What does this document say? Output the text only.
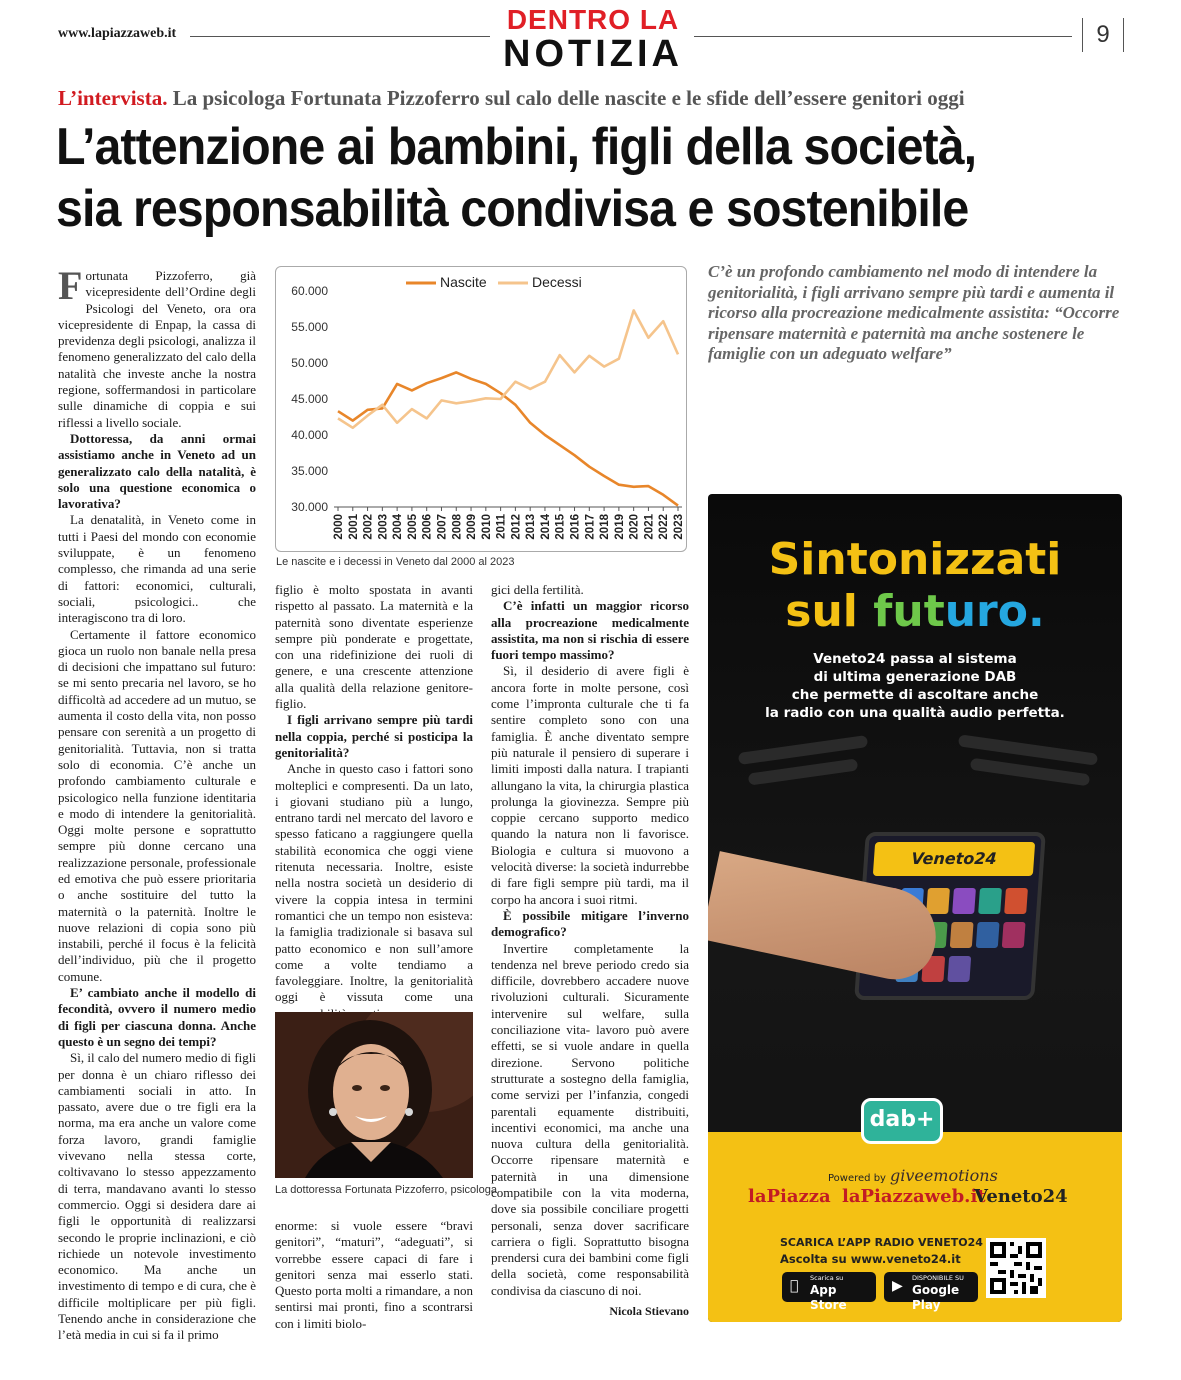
www.lapiazzaweb.it	DENTRO LA
NOTIZIA	9
L’intervista. La psicologa Fortunata Pizzoferro sul calo delle nascite e le sfide dell’essere genitori oggi
L’attenzione ai bambini, figli della società,
sia responsabilità condivisa e sostenibile
F ortunata Pizzoferro, già vicepresidente dell’Ordine degli Psicologi del Veneto, ora ora vicepresidente di Enpap, la cassa di previdenza degli psicologi, analizza il fenomeno generalizzato del calo della natalità che investe anche la nostra regione, soffermandosi in particolare sulle dinamiche di coppia e sui riflessi a livello sociale.

Dottoressa, da anni ormai assistiamo anche in Veneto ad un generalizzato calo della natalità, è solo una questione economica o lavorativa?

La denatalità, in Veneto come in tutti i Paesi del mondo con economie sviluppate, è un fenomeno complesso, che rimanda ad una serie di fattori: economici, culturali, sociali, psicologici.. che interagiscono tra di loro.

Certamente il fattore economico gioca un ruolo non banale nella presa di decisioni che impattano sul futuro: se mi sento precaria nel lavoro, se ho difficoltà ad accedere ad un mutuo, se aumenta il costo della vita, non posso pensare con serenità a un progetto di genitorialità. Tuttavia, non si tratta solo di economia. C’è anche un profondo cambiamento culturale e psicologico nella funzione identitaria e modo di intendere la genitorialità. Oggi molte persone e soprattutto sempre più donne cercano una realizzazione personale, professionale ed emotiva che può essere prioritaria o anche sostituire del tutto la maternità o la paternità. Inoltre le nuove relazioni di copia sono più instabili, perché il focus è la felicità dell’individuo, più che il progetto comune.

E’ cambiato anche il modello di fecondità, ovvero il numero medio di figli per ciascuna donna. Anche questo è un segno dei tempi?

Sì, il calo del numero medio di figli per donna è un chiaro riflesso dei cambiamenti sociali in atto. In passato, avere due o tre figli era la norma, ma era anche un valore come forza lavoro, grandi famiglie vivevano nella stessa corte, coltivavano lo stesso appezzamento di terra, mandavano avanti lo stesso commercio. Oggi si desidera dare ai figli le opportunità di realizzarsi secondo le proprie inclinazioni, e ciò richiede un notevole investimento economico. Ma anche un investimento di tempo e di cura, che è difficile moltiplicare per più figli. Tenendo anche in considerazione che l’età media in cui si fa il primo

30.000
35.000
40.000
45.000
50.000
55.000
60.000
2000 2001 2002 2003 2004 2005 2006 2007 2008 2009 2010 2011 2012 2013 2014 2015 2016 2017 2018 2019 2020 2021 2022 2023
Nascite	Decessi
Le nascite e i decessi in Veneto dal 2000 al 2023

figlio è molto spostata in avanti rispetto al passato. La maternità e la paternità sono diventate esperienze sempre più ponderate e progettate, con una ridefinizione dei ruoli di genere, e una crescente attenzione alla qualità della relazione genitore-figlio.

I figli arrivano sempre più tardi nella coppia, perché si posticipa la genitorialità?

Anche in questo caso i fattori sono molteplici e compresenti. Da un lato, i giovani studiano più a lungo, entrano tardi nel mercato del lavoro e spesso faticano a raggiungere quella stabilità economica che oggi viene ritenuta necessaria. Inoltre, esiste nella nostra società un desiderio di vivere la coppia intesa in termini romantici che un tempo non esisteva: la famiglia tradizionale si basava sul patto economico e non sull’amore come a volte tendiamo a favoleggiare. Inoltre, la genitorialità oggi è vissuta come una

La dottoressa Fortunata Pizzoferro, psicologa

enorme: si vuole essere “bravi genitori”, “maturi”, “adeguati”, si vorrebbe essere capaci di fare i genitori senza mai esserlo stati. Questo porta molti a rimandare, a non sentirsi mai pronti, fino a scontrarsi con i limiti biolo-

gici della fertilità.

C’è infatti un maggior ricorso alla procreazione medicalmente assistita, ma non si rischia di essere fuori tempo massimo?

Sì, il desiderio di avere figli è ancora forte in molte persone, così come l’impronta culturale che ti fa sentire completo sono con una famiglia. È anche diventato sempre più naturale il pensiero di superare i limiti imposti dalla natura. I trapianti allungano la vita, la chirurgia plastica prolunga la giovinezza. Sempre più coppie cercano supporto medico quando la natura non li favorisce. Biologia e cultura si muovono a velocità diverse: la società indurrebbe di fare figli sempre più tardi, ma il corpo ha ancora i suoi ritmi.

È possibile mitigare l’inverno demografico?

Invertire completamente la tendenza nel breve periodo credo sia difficile, dovrebbero accadere nuove rivoluzioni culturali. Sicuramente intervenire sul welfare, sulla conciliazione vita- lavoro può avere effetti, se si vuole andare in quella direzione. Servono politiche strutturate a sostegno della famiglia, come servizi per l’infanzia, congedi parentali equamente distribuiti, incentivi economici, ma anche una nuova cultura della genitorialità. Occorre ripensare maternità e paternità in una dimensione compatibile con la vita moderna, dove sia possibile conciliare progetti personali, senza dover sacrificare carriera o figli. Soprattutto bisogna prendersi cura dei bambini come figli della società, come responsabilità condivisa da ciascuno di noi.

Nicola Stievano
C’è un profondo cambiamento nel modo di intendere la genitorialità, i figli arrivano sempre più tardi e aumenta il ricorso alla procreazione medicalmente assistita: “Occorre ripensare maternità e paternità ma anche sostenere le famiglie con un adeguato welfare”
Sintonizzati
sul futuro.
Veneto24 passa al sistema
di ultima generazione DAB
che permette di ascoltare anche
la radio con una qualità audio perfetta.
Veneto24
dab+
Powered by giveemotions
laPiazza laPiazzaweb.it
Veneto24
SCARICA L’APP RADIO VENETO24
Ascolta su www.veneto24.it
Scarica su
App Store
▶ DISPONIBILE SU
Google Play
